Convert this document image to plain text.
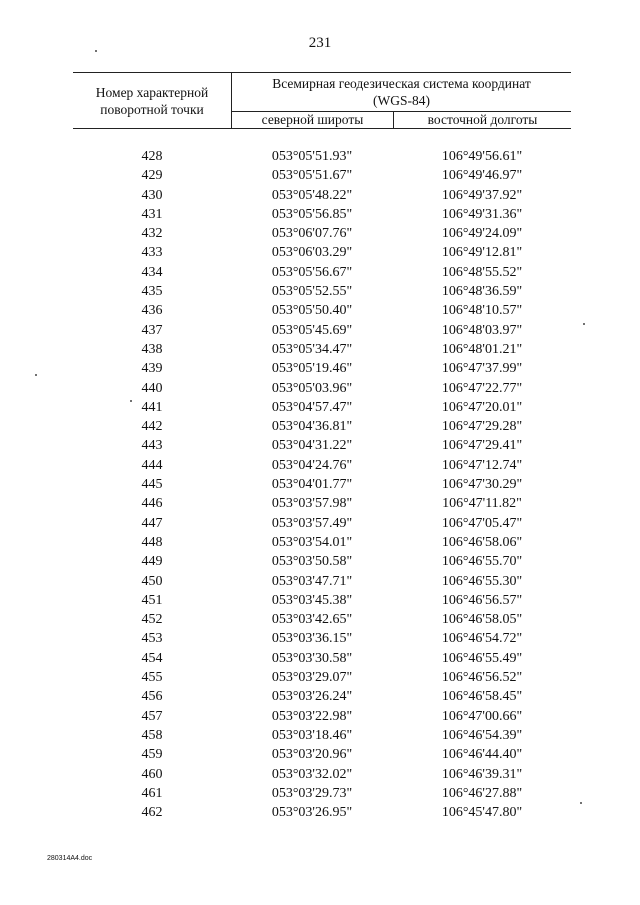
231
Номер характерной
поворотной точки
Всемирная геодезическая система координат
(WGS-84)
северной широты	восточной долготы
428	053°05'51.93"	106°49'56.61"
429	053°05'51.67"	106°49'46.97"
430	053°05'48.22"	106°49'37.92"
431	053°05'56.85"	106°49'31.36"
432	053°06'07.76"	106°49'24.09"
433	053°06'03.29"	106°49'12.81"
434	053°05'56.67"	106°48'55.52"
435	053°05'52.55"	106°48'36.59"
436	053°05'50.40"	106°48'10.57"
437	053°05'45.69"	106°48'03.97"
438	053°05'34.47"	106°48'01.21"
439	053°05'19.46"	106°47'37.99"
440	053°05'03.96"	106°47'22.77"
441	053°04'57.47"	106°47'20.01"
442	053°04'36.81"	106°47'29.28"
443	053°04'31.22"	106°47'29.41"
444	053°04'24.76"	106°47'12.74"
445	053°04'01.77"	106°47'30.29"
446	053°03'57.98"	106°47'11.82"
447	053°03'57.49"	106°47'05.47"
448	053°03'54.01"	106°46'58.06"
449	053°03'50.58"	106°46'55.70"
450	053°03'47.71"	106°46'55.30"
451	053°03'45.38"	106°46'56.57"
452	053°03'42.65"	106°46'58.05"
453	053°03'36.15"	106°46'54.72"
454	053°03'30.58"	106°46'55.49"
455	053°03'29.07"	106°46'56.52"
456	053°03'26.24"	106°46'58.45"
457	053°03'22.98"	106°47'00.66"
458	053°03'18.46"	106°46'54.39"
459	053°03'20.96"	106°46'44.40"
460	053°03'32.02"	106°46'39.31"
461	053°03'29.73"	106°46'27.88"
462	053°03'26.95"	106°45'47.80"
280314A4.doc
